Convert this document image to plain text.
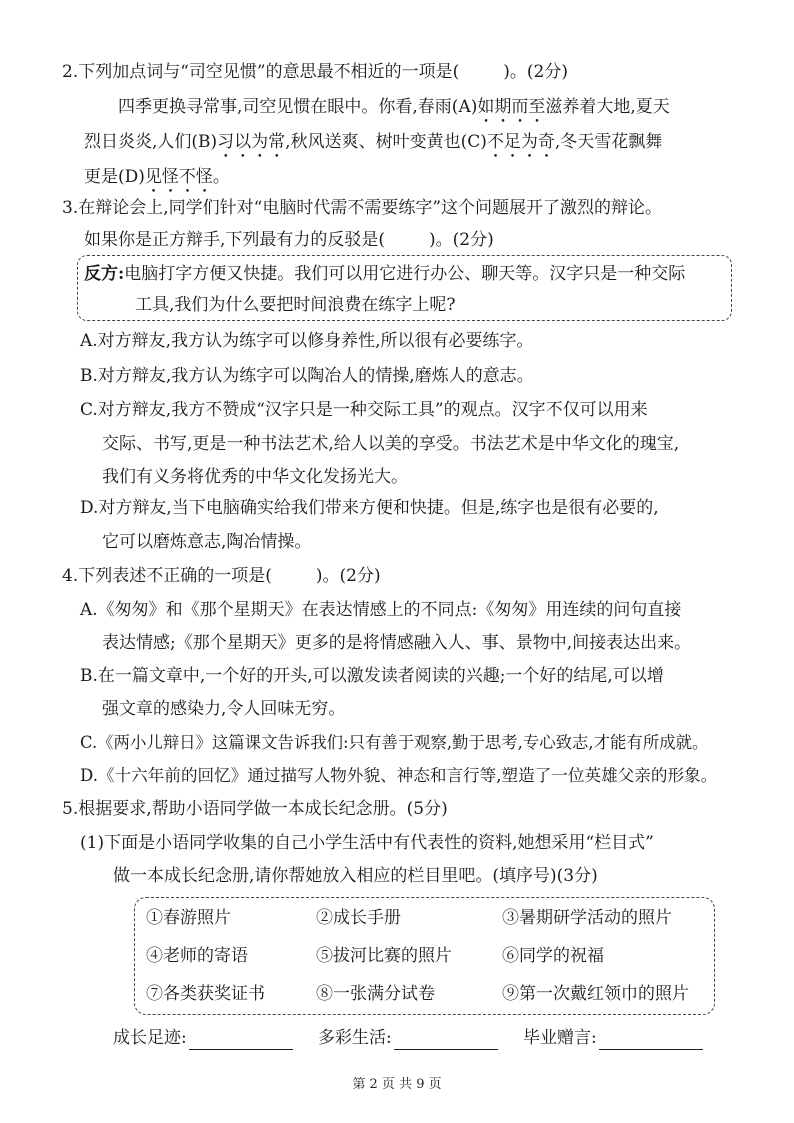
2.下列加点词与“司空见惯”的意思最不相近的一项是(	)。(2分)
四季更换寻常事,司空见惯在眼中。你看,春雨(A)如期而至滋养着大地,夏天
烈日炎炎,人们(B)习以为常,秋风送爽、树叶变黄也(C)不足为奇,冬天雪花飘舞
更是(D)见怪不怪。
3.在辩论会上,同学们针对“电脑时代需不需要练字”这个问题展开了激烈的辩论。
如果你是正方辩手,下列最有力的反驳是(	)。(2分)
反方:电脑打字方便又快捷。我们可以用它进行办公、聊天等。汉字只是一种交际
工具,我们为什么要把时间浪费在练字上呢?
A.对方辩友,我方认为练字可以修身养性,所以很有必要练字。
B.对方辩友,我方认为练字可以陶冶人的情操,磨炼人的意志。
C.对方辩友,我方不赞成“汉字只是一种交际工具”的观点。汉字不仅可以用来
交际、书写,更是一种书法艺术,给人以美的享受。书法艺术是中华文化的瑰宝,
我们有义务将优秀的中华文化发扬光大。
D.对方辩友,当下电脑确实给我们带来方便和快捷。但是,练字也是很有必要的,
它可以磨炼意志,陶冶情操。
4.下列表述不正确的一项是(	)。(2分)
A.《匆匆》和《那个星期天》在表达情感上的不同点:《匆匆》用连续的问句直接
表达情感;《那个星期天》更多的是将情感融入人、事、景物中,间接表达出来。
B.在一篇文章中,一个好的开头,可以激发读者阅读的兴趣;一个好的结尾,可以增
强文章的感染力,令人回味无穷。
C.《两小儿辩日》这篇课文告诉我们:只有善于观察,勤于思考,专心致志,才能有所成就。
D.《十六年前的回忆》通过描写人物外貌、神态和言行等,塑造了一位英雄父亲的形象。
5.根据要求,帮助小语同学做一本成长纪念册。(5分)
(1)下面是小语同学收集的自己小学生活中有代表性的资料,她想采用“栏目式”
做一本成长纪念册,请你帮她放入相应的栏目里吧。(填序号)(3分)
①春游照片	②成长手册	③暑期研学活动的照片
④老师的寄语	⑤拔河比赛的照片	⑥同学的祝福
⑦各类获奖证书	⑧一张满分试卷	⑨第一次戴红领巾的照片
成长足迹:	多彩生活:	毕业赠言:
第 2 页 共 9 页
